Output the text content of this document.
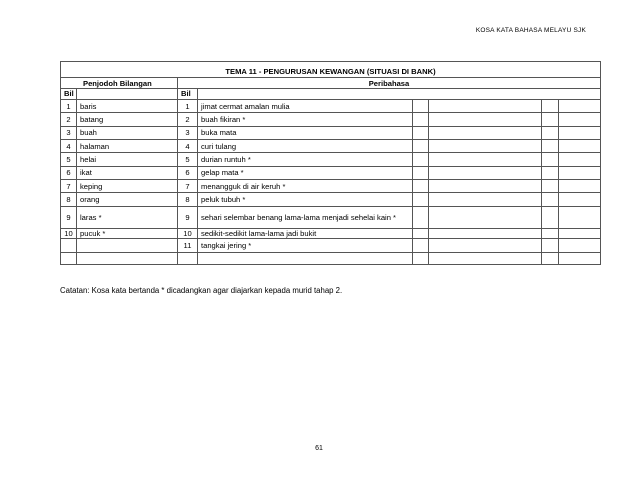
KOSA KATA BAHASA MELAYU SJK
TEMA 11 - PENGURUSAN KEWANGAN (SITUASI DI BANK)							
Penjodoh Bilangan		Peribahasa					
Bil		Bil					
1	baris	1	jimat cermat amalan mulia				
2	batang	2	buah fikiran *				
3	buah	3	buka mata				
4	halaman	4	curi tulang				
5	helai	5	durian runtuh *				
6	ikat	6	gelap mata *				
7	keping	7	menangguk di air keruh *				
8	orang	8	peluk tubuh *				
9	laras *	9	sehari selembar benang lama-lama menjadi sehelai kain *				
10	pucuk *	10	sedikit-sedikit lama-lama jadi bukit				
		11	tangkai jering *				

Catatan: Kosa kata bertanda * dicadangkan agar diajarkan kepada murid tahap 2.
61
